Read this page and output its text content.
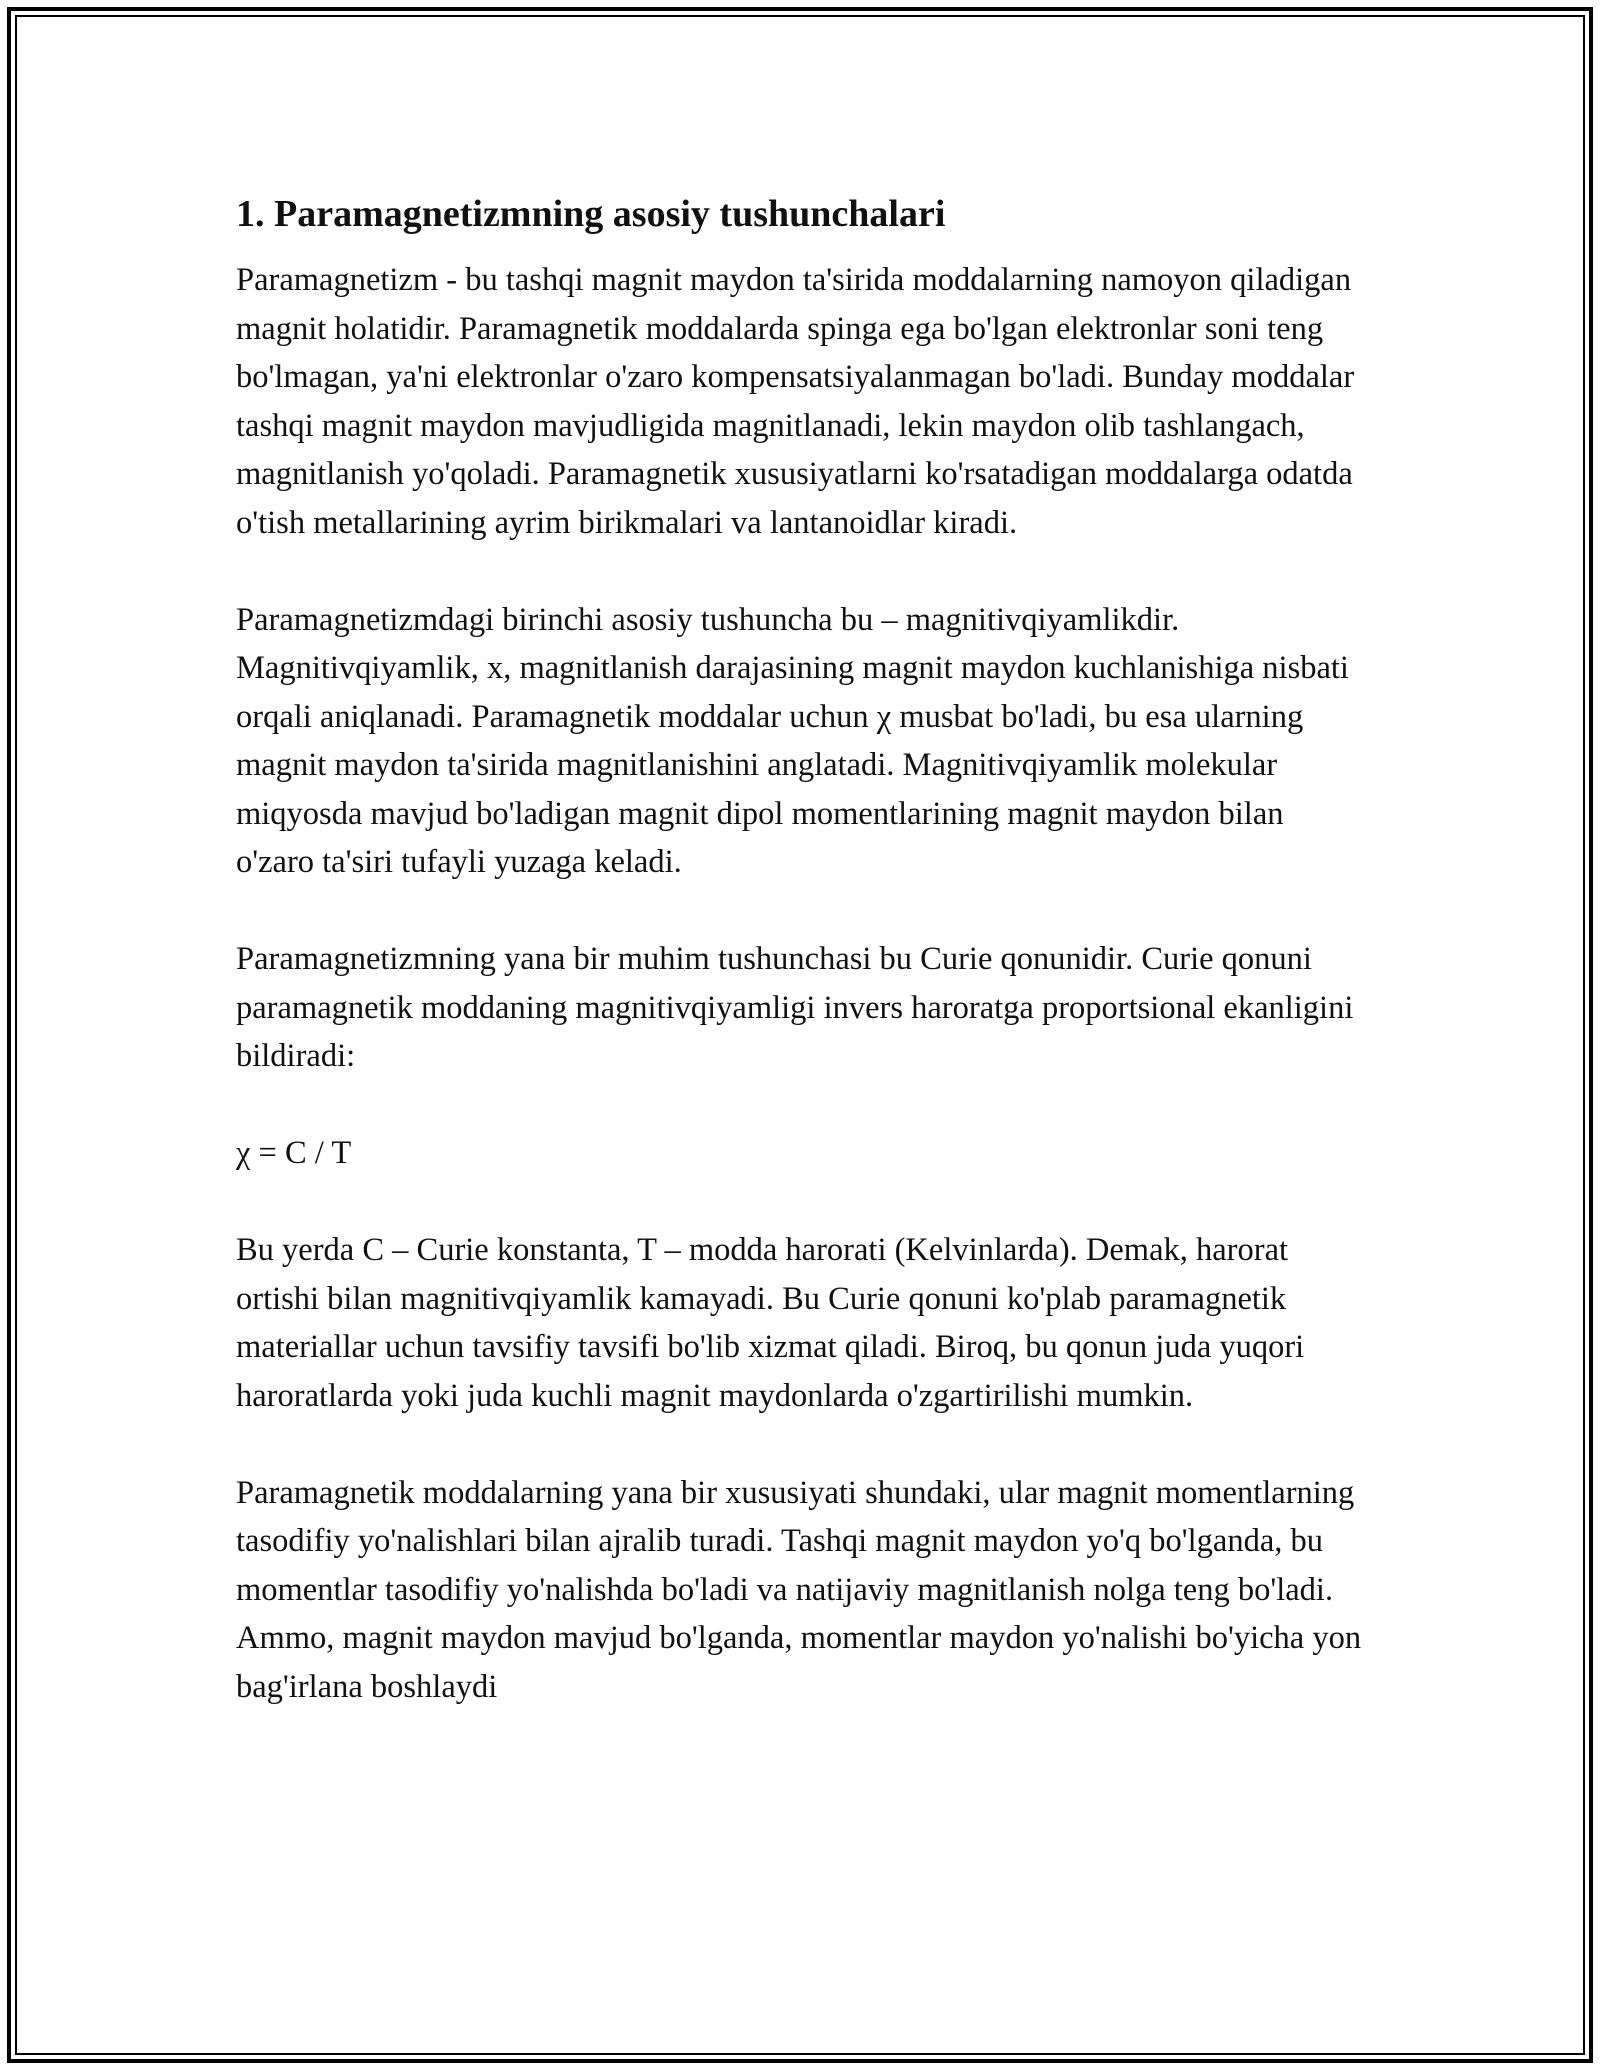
1. Paramagnetizmning asosiy tushunchalari

Paramagnetizm - bu tashqi magnit maydon ta'sirida moddalarning namoyon qiladigan magnit holatidir. Paramagnetik moddalarda spinga ega bo'lgan elektronlar soni teng bo'lmagan, ya'ni elektronlar o'zaro kompensatsiyalanmagan bo'ladi. Bunday moddalar tashqi magnit maydon mavjudligida magnitlanadi, lekin maydon olib tashlangach, magnitlanish yo'qoladi. Paramagnetik xususiyatlarni ko'rsatadigan moddalarga odatda o'tish metallarining ayrim birikmalari va lantanoidlar kiradi.

Paramagnetizmdagi birinchi asosiy tushuncha bu – magnitivqiyamlikdir. Magnitivqiyamlik, x, magnitlanish darajasining magnit maydon kuchlanishiga nisbati orqali aniqlanadi. Paramagnetik moddalar uchun χ musbat bo'ladi, bu esa ularning magnit maydon ta'sirida magnitlanishini anglatadi. Magnitivqiyamlik molekular miqyosda mavjud bo'ladigan magnit dipol momentlarining magnit maydon bilan o'zaro ta'siri tufayli yuzaga keladi.

Paramagnetizmning yana bir muhim tushunchasi bu Curie qonunidir. Curie qonuni paramagnetik moddaning magnitivqiyamligi invers haroratga proportsional ekanligini bildiradi:

χ = C / T

Bu yerda C – Curie konstanta, T – modda harorati (Kelvinlarda). Demak, harorat ortishi bilan magnitivqiyamlik kamayadi. Bu Curie qonuni ko'plab paramagnetik materiallar uchun tavsifiy tavsifi bo'lib xizmat qiladi. Biroq, bu qonun juda yuqori haroratlarda yoki juda kuchli magnit maydonlarda o'zgartirilishi mumkin.

Paramagnetik moddalarning yana bir xususiyati shundaki, ular magnit momentlarning tasodifiy yo'nalishlari bilan ajralib turadi. Tashqi magnit maydon yo'q bo'lganda, bu momentlar tasodifiy yo'nalishda bo'ladi va natijaviy magnitlanish nolga teng bo'ladi. Ammo, magnit maydon mavjud bo'lganda, momentlar maydon yo'nalishi bo'yicha yon bag'irlana boshlaydi
